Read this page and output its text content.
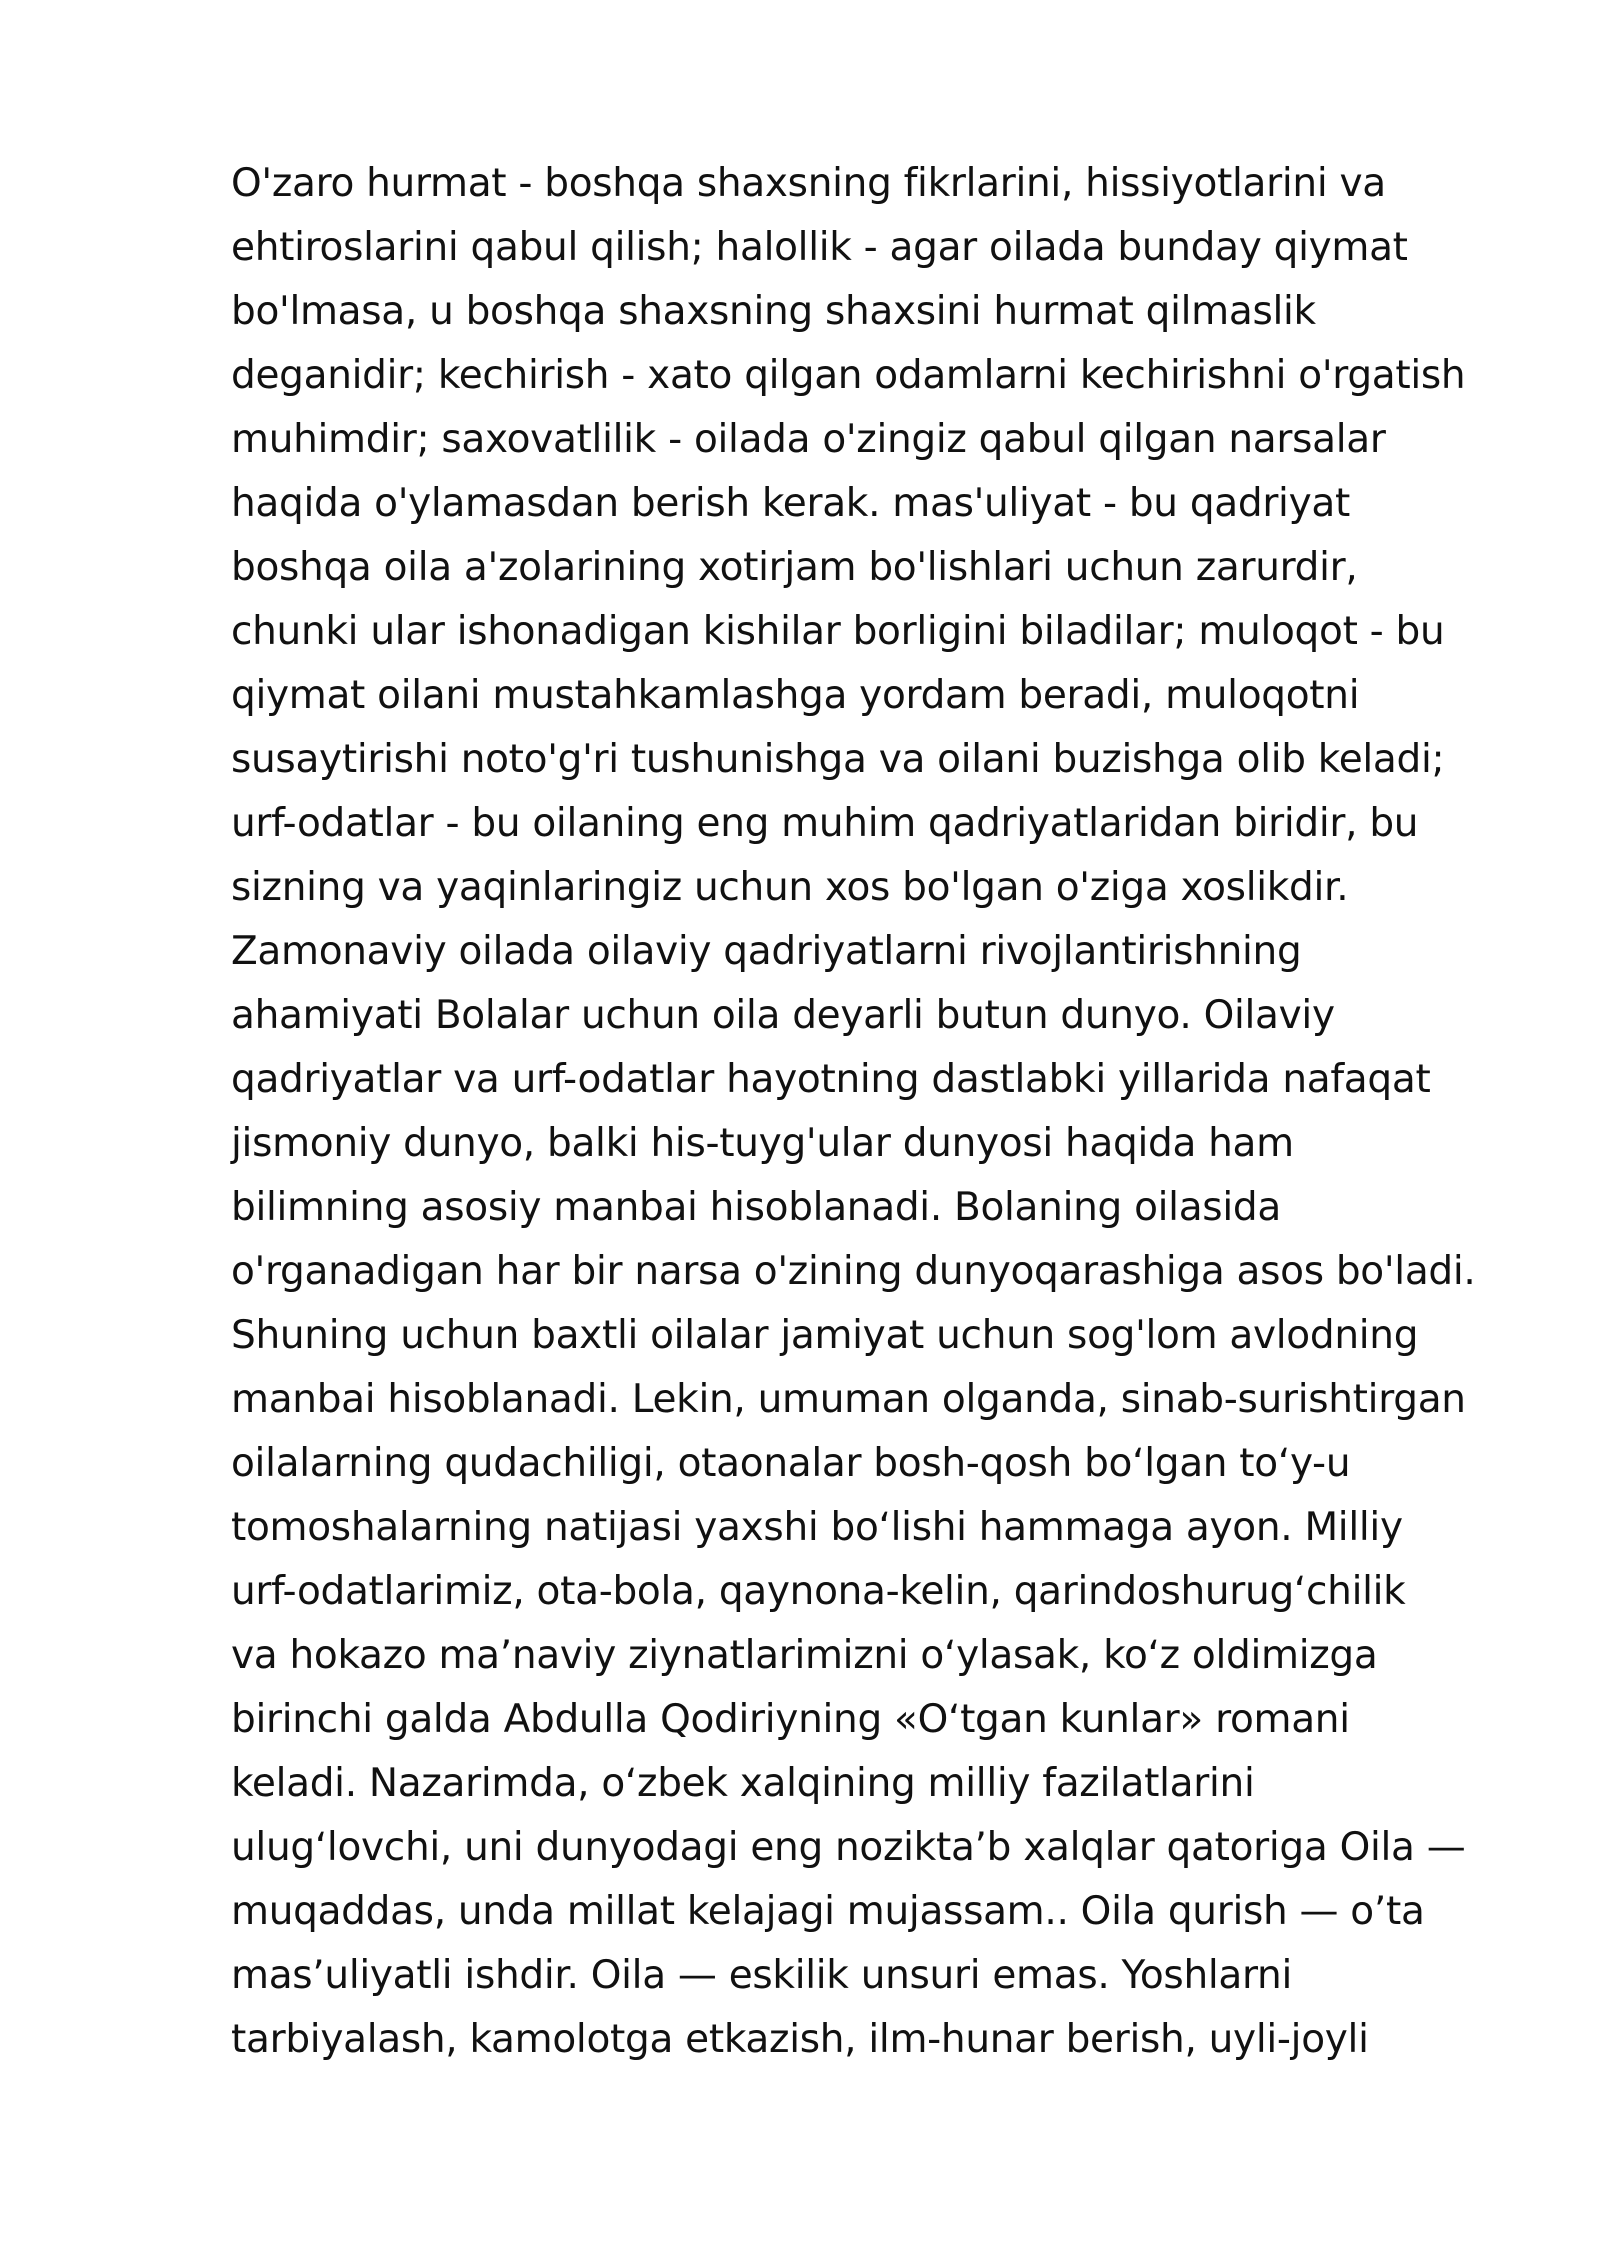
O'zaro hurmat - boshqa shaxsning fikrlarini, hissiyotlarini va
ehtiroslarini qabul qilish; halollik - agar oilada bunday qiymat
bo'lmasa, u boshqa shaxsning shaxsini hurmat qilmaslik
deganidir; kechirish - xato qilgan odamlarni kechirishni o'rgatish
muhimdir; saxovatlilik - oilada o'zingiz qabul qilgan narsalar
haqida o'ylamasdan berish kerak. mas'uliyat - bu qadriyat
boshqa oila a'zolarining xotirjam bo'lishlari uchun zarurdir,
chunki ular ishonadigan kishilar borligini biladilar; muloqot - bu
qiymat oilani mustahkamlashga yordam beradi, muloqotni
susaytirishi noto'g'ri tushunishga va oilani buzishga olib keladi;
urf-odatlar - bu oilaning eng muhim qadriyatlaridan biridir, bu
sizning va yaqinlaringiz uchun xos bo'lgan o'ziga xoslikdir.
Zamonaviy oilada oilaviy qadriyatlarni rivojlantirishning
ahamiyati Bolalar uchun oila deyarli butun dunyo. Oilaviy
qadriyatlar va urf-odatlar hayotning dastlabki yillarida nafaqat
jismoniy dunyo, balki his-tuyg'ular dunyosi haqida ham
bilimning asosiy manbai hisoblanadi. Bolaning oilasida
o'rganadigan har bir narsa o'zining dunyoqarashiga asos bo'ladi.
Shuning uchun baxtli oilalar jamiyat uchun sog'lom avlodning
manbai hisoblanadi. Lekin, umuman olganda, sinab-surishtirgan
oilalarning qudachiligi, otaonalar bosh-qosh boʻlgan toʻy-u
tomoshalarning natijasi yaxshi boʻlishi hammaga ayon. Milliy
urf-odatlarimiz, ota-bola, qaynona-kelin, qarindoshurugʻchilik
va hokazo maʼnaviy ziynatlarimizni oʻylasak, koʻz oldimizga
birinchi galda Abdulla Qodiriyning «Oʻtgan kunlar» romani
keladi. Nazarimda, oʻzbek xalqining milliy fazilatlarini
ulugʻlovchi, uni dunyodagi eng nozikta’b xalqlar qatoriga Oila —
muqaddas, unda millat kelajagi mujassam.. Oila qurish — o’ta
mas’uliyatli ishdir. Oila — eskilik unsuri emas. Yoshlarni
tarbiyalash, kamolotga etkazish, ilm-hunar berish, uyli-joyli
